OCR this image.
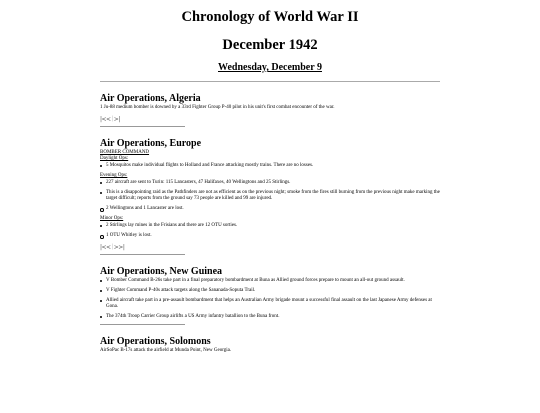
Chronology of World War II
December 1942
Wednesday, December 9
Air Operations, Algeria
1 Ju-88 medium bomber is downed by a 33rd Fighter Group P-40 pilot in his unit's first combat encounter of the war.
|<< | >|
Air Operations, Europe
BOMBER COMMAND
Daylight Ops:
5 Mosquitos make individual flights to Holland and France attacking mostly trains. There are no losses.
Evening Ops:
227 aircraft are sent to Turin: 115 Lancasters, 47 Halifaxes, 40 Wellingtons and 25 Stirlings.
This is a disappointing raid as the Pathfinders are not as efficient as on the previous night; smoke from the fires still burning from the previous night make marking the target difficult; reports from the ground say 73 people are killed and 99 are injured.
2 Wellingtons and 1 Lancaster are lost.
Minor Ops:
2 Stirlings lay mines in the Frisians and there are 12 OTU sorties.
1 OTU Whitley is lost.
|<< | >>|
Air Operations, New Guinea
V Bomber Command B-26s take part in a final preparatory bombardment at Buna as Allied ground forces prepare to mount an all-out ground assault.
V Fighter Command P-40s attack targets along the Sananada-Soputa Trail.
Allied aircraft take part in a pre-assault bombardment that helps an Australian Army brigade mount a successful final assault on the last Japanese Army defenses at Gona.
The 374th Troop Carrier Group airlifts a US Army infantry batallion to the Buna front.
Air Operations, Solomons
AirSoPac B-17s attack the airfield at Munda Point, New Georgia.
